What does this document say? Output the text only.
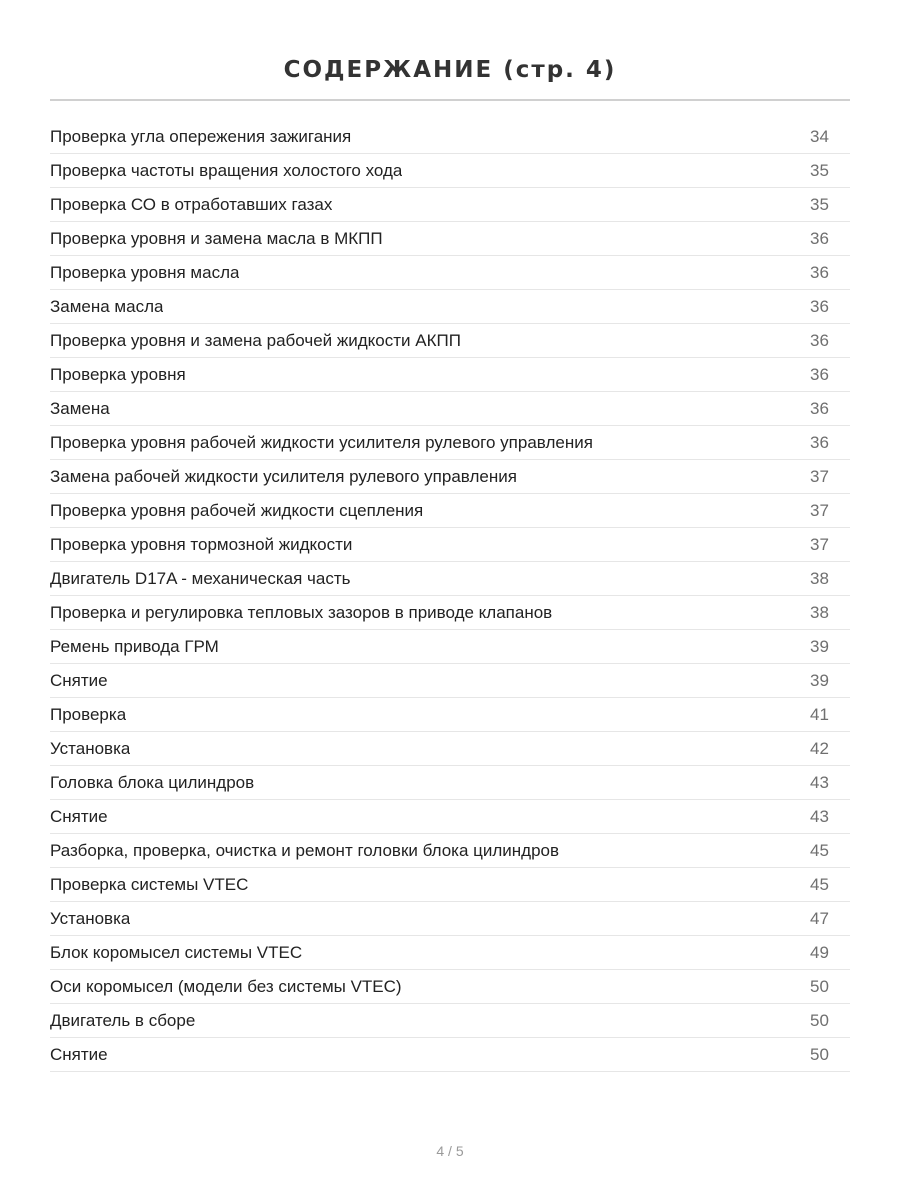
СОДЕРЖАНИЕ (стр. 4)
Проверка угла опережения зажигания	34
Проверка частоты вращения холостого хода	35
Проверка СО в отработавших газах	35
Проверка уровня и замена масла в МКПП	36
Проверка уровня масла	36
Замена масла	36
Проверка уровня и замена рабочей жидкости АКПП	36
Проверка уровня	36
Замена	36
Проверка уровня рабочей жидкости усилителя рулевого управления	36
Замена рабочей жидкости усилителя рулевого управления	37
Проверка уровня рабочей жидкости сцепления	37
Проверка уровня тормозной жидкости	37
Двигатель D17A - механическая часть	38
Проверка и регулировка тепловых зазоров в приводе клапанов	38
Ремень привода ГРМ	39
Снятие	39
Проверка	41
Установка	42
Головка блока цилиндров	43
Снятие	43
Разборка, проверка, очистка и ремонт головки блока цилиндров	45
Проверка системы VTEC	45
Установка	47
Блок коромысел системы VTEC	49
Оси коромысел (модели без системы VTEC)	50
Двигатель в сборе	50
Снятие	50
4 / 5
